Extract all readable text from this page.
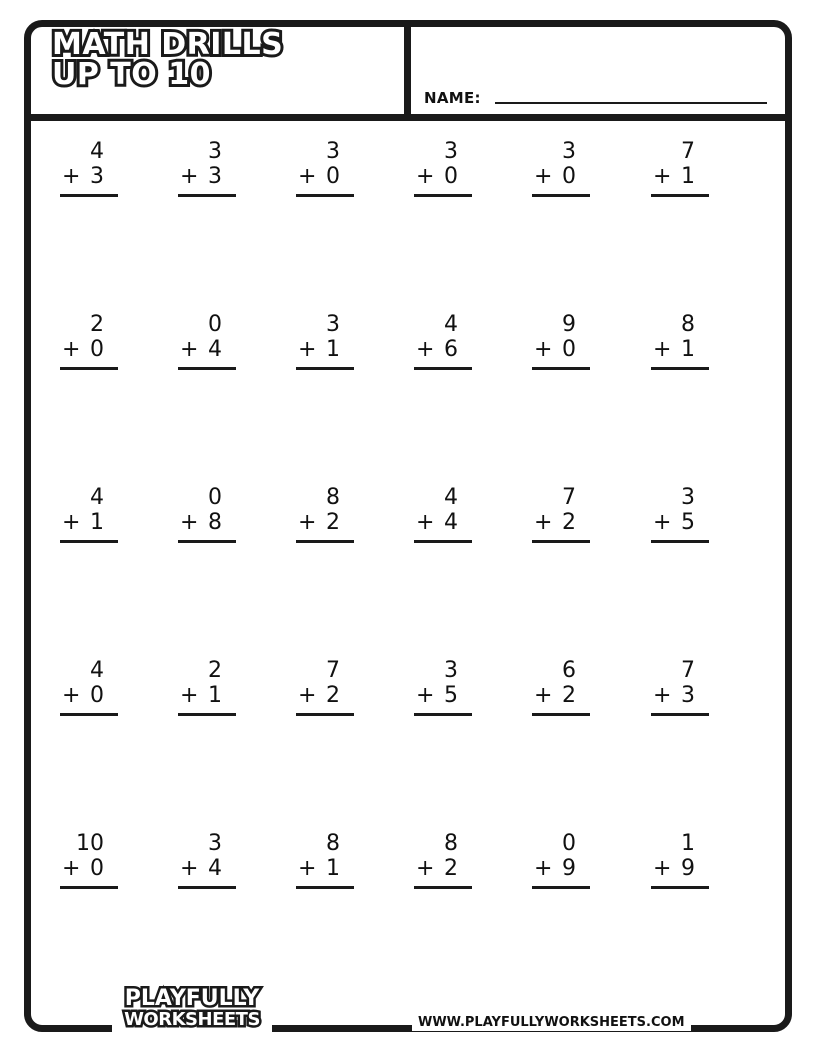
MATH DRILLS
UP TO 10
NAME:
4
+ 3
3
+ 3
3
+ 0
3
+ 0
3
+ 0
7
+ 1
2
+ 0
0
+ 4
3
+ 1
4
+ 6
9
+ 0
8
+ 1
4
+ 1
0
+ 8
8
+ 2
4
+ 4
7
+ 2
3
+ 5
4
+ 0
2
+ 1
7
+ 2
3
+ 5
6
+ 2
7
+ 3
10
+ 0
3
+ 4
8
+ 1
8
+ 2
0
+ 9
1
+ 9
PLAYFULLY
WORKSHEETS	WWW.PLAYFULLYWORKSHEETS.COM
